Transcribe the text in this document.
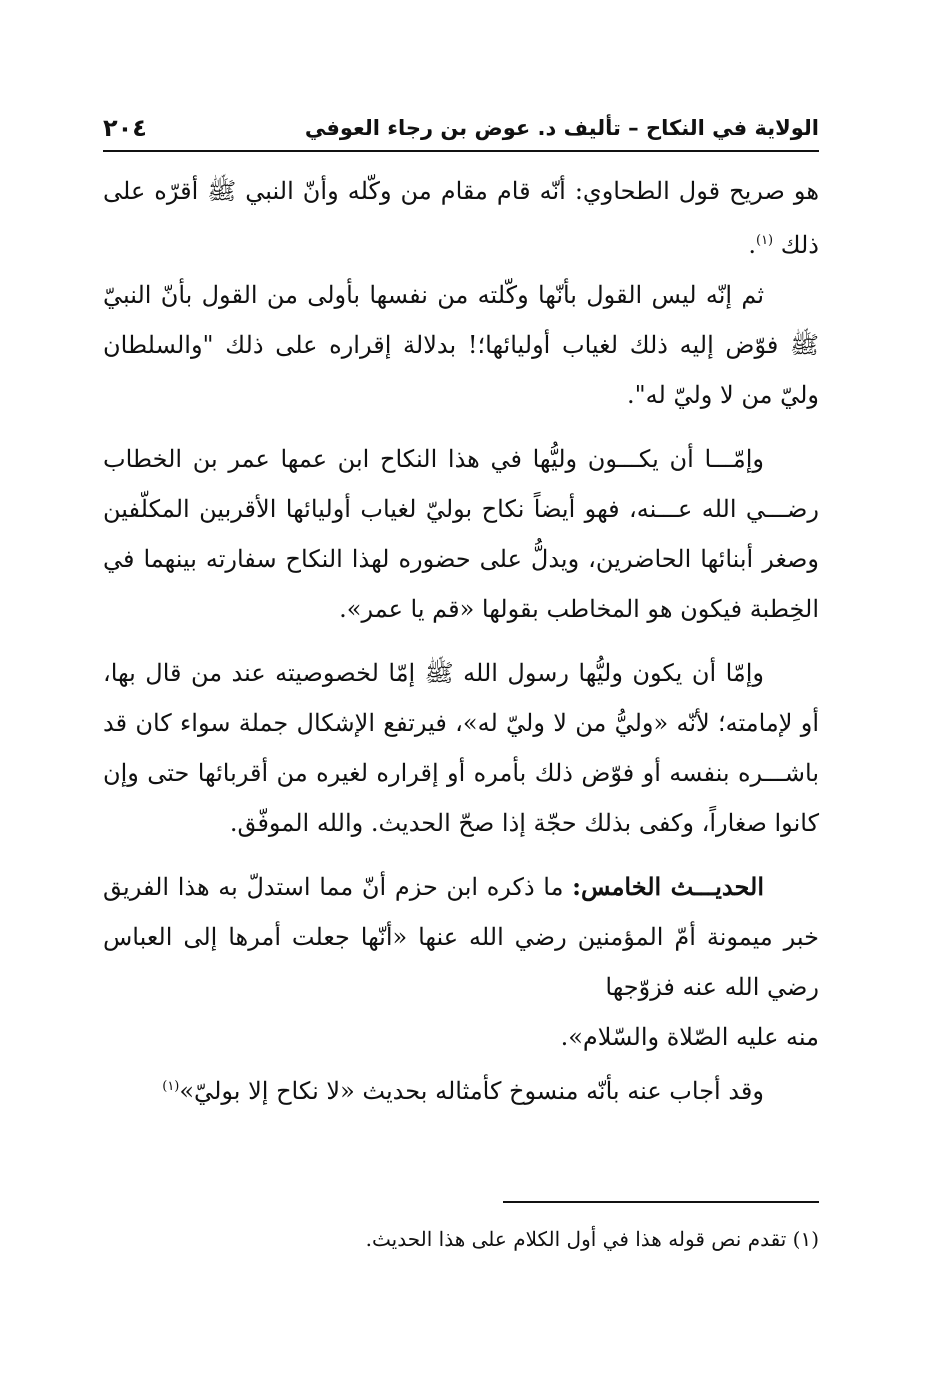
الولاية في النكاح – تأليف د. عوض بن رجاء العوفي
٢٠٤

هو صريح قول الطحاوي: أنّه قام مقام من وكّله وأنّ النبي ﷺ أقرّه على ذلك $^{(١)}$.

ثم إنّه ليس القول بأنّها وكّلته من نفسها بأولى من القول بأنّ النبيّ ﷺ فوّض إليه ذلك لغياب أوليائها؛! بدلالة إقراره على ذلك "والسلطان وليّ من لا وليّ له".

وإمّـــا أن يكـــون وليُّها في هذا النكاح ابن عمها عمر بن الخطاب رضـــي الله عـــنه، فهو أيضاً نكاح بوليّ لغياب أوليائها الأقربين المكلّفين وصغر أبنائها الحاضرين، ويدلُّ على حضوره لهذا النكاح سفارته بينهما في الخِطبة فيكون هو المخاطب بقولها «قم يا عمر».

وإمّا أن يكون وليُّها رسول الله ﷺ إمّا لخصوصيته عند من قال بها، أو لإمامته؛ لأنّه «وليُّ من لا وليّ له»، فيرتفع الإشكال جملة سواء كان قد باشـــره بنفسه أو فوّض ذلك بأمره أو إقراره لغيره من أقربائها حتى وإن كانوا صغاراً، وكفى بذلك حجّة إذا صحّ الحديث. والله الموفّق.

الحديـــث الخامس: ما ذكره ابن حزم أنّ مما استدلّ به هذا الفريق خبر ميمونة أمّ المؤمنين رضي الله عنها «أنّها جعلت أمرها إلى العباس رضي الله عنه فزوّجها

منه عليه الصّلاة والسّلام».

وقد أجاب عنه بأنّه منسوخ كأمثاله بحديث «لا نكاح إلا بوليّ»$^{(١)}$

(١) تقدم نص قوله هذا في أول الكلام على هذا الحديث.
